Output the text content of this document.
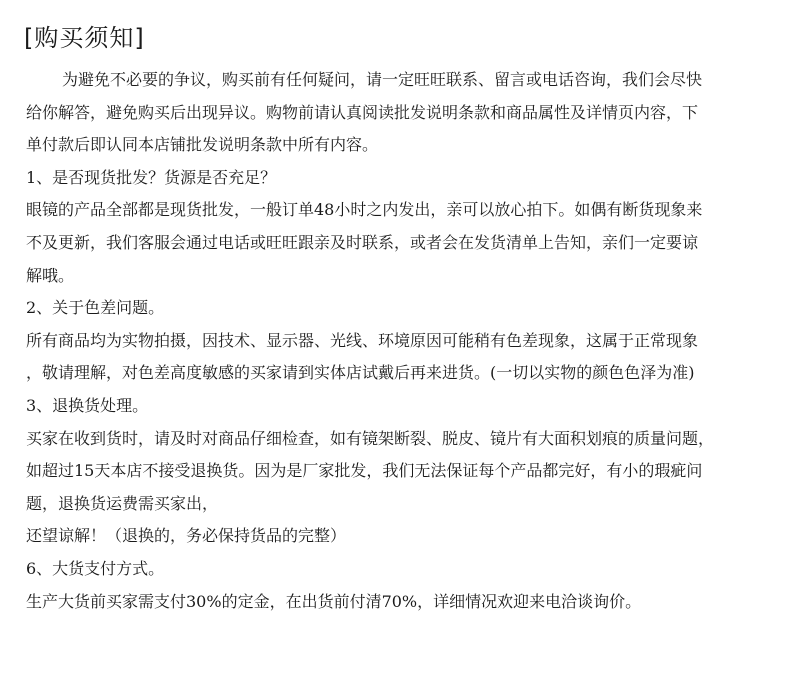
[购买须知]
为避免不必要的争议，购买前有任何疑问，请一定旺旺联系、留言或电话咨询，我们会尽快
给你解答，避免购买后出现异议。购物前请认真阅读批发说明条款和商品属性及详情页内容，下
单付款后即认同本店铺批发说明条款中所有内容。
1、是否现货批发？货源是否充足？
眼镜的产品全部都是现货批发，一般订单48小时之内发出，亲可以放心拍下。如偶有断货现象来
不及更新，我们客服会通过电话或旺旺跟亲及时联系，或者会在发货清单上告知，亲们一定要谅
解哦。
2、关于色差问题。
所有商品均为实物拍摄，因技术、显示器、光线、环境原因可能稍有色差现象，这属于正常现象
，敬请理解，对色差高度敏感的买家请到实体店试戴后再来进货。(一切以实物的颜色色泽为准)
3、退换货处理。
买家在收到货时，请及时对商品仔细检查，如有镜架断裂、脱皮、镜片有大面积划痕的质量问题，
如超过15天本店不接受退换货。因为是厂家批发，我们无法保证每个产品都完好，有小的瑕疵问
题，退换货运费需买家出，
还望谅解！（退换的，务必保持货品的完整）
6、大货支付方式。
生产大货前买家需支付30%的定金，在出货前付清70%，详细情况欢迎来电洽谈询价。
